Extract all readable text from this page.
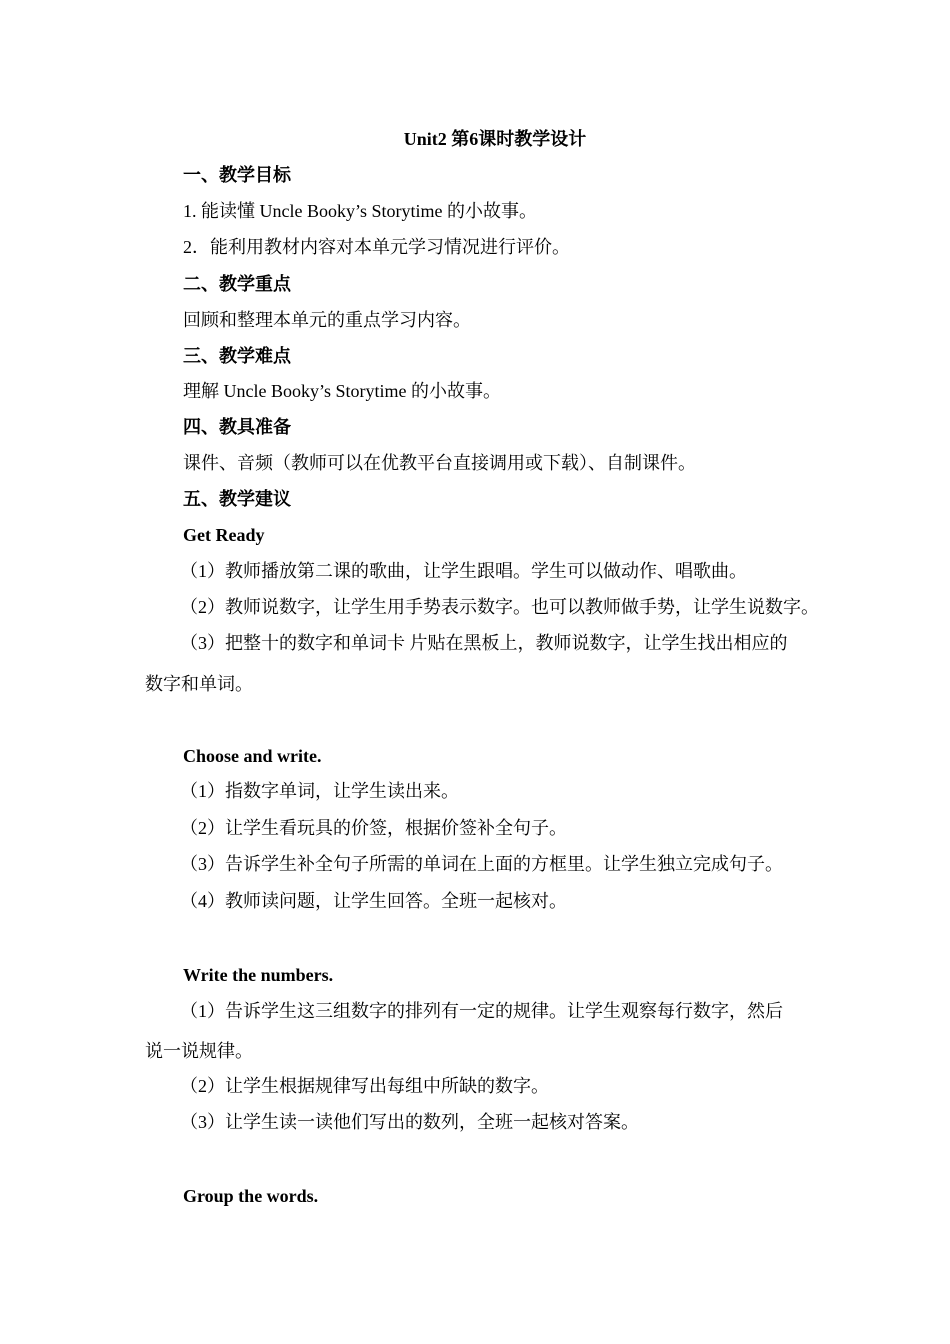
Unit2 第6课时教学设计
一、教学目标
1. 能读懂 Uncle Booky’s Storytime 的小故事。
2．能利用教材内容对本单元学习情况进行评价。
二、教学重点
回顾和整理本单元的重点学习内容。
三、教学难点
理解 Uncle Booky’s Storytime 的小故事。
四、教具准备
课件、音频（教师可以在优教平台直接调用或下载）、自制课件。
五、教学建议
Get Ready
（1）教师播放第二课的歌曲，让学生跟唱。学生可以做动作、唱歌曲。
（2）教师说数字，让学生用手势表示数字。也可以教师做手势，让学生说数字。
（3）把整十的数字和单词卡 片贴在黑板上，教师说数字，让学生找出相应的
数字和单词。
Choose and write.
（1）指数字单词，让学生读出来。
（2）让学生看玩具的价签，根据价签补全句子。
（3）告诉学生补全句子所需的单词在上面的方框里。让学生独立完成句子。
（4）教师读问题，让学生回答。全班一起核对。
Write the numbers.
（1）告诉学生这三组数字的排列有一定的规律。让学生观察每行数字，然后
说一说规律。
（2）让学生根据规律写出每组中所缺的数字。
（3）让学生读一读他们写出的数列，全班一起核对答案。
Group the words.
